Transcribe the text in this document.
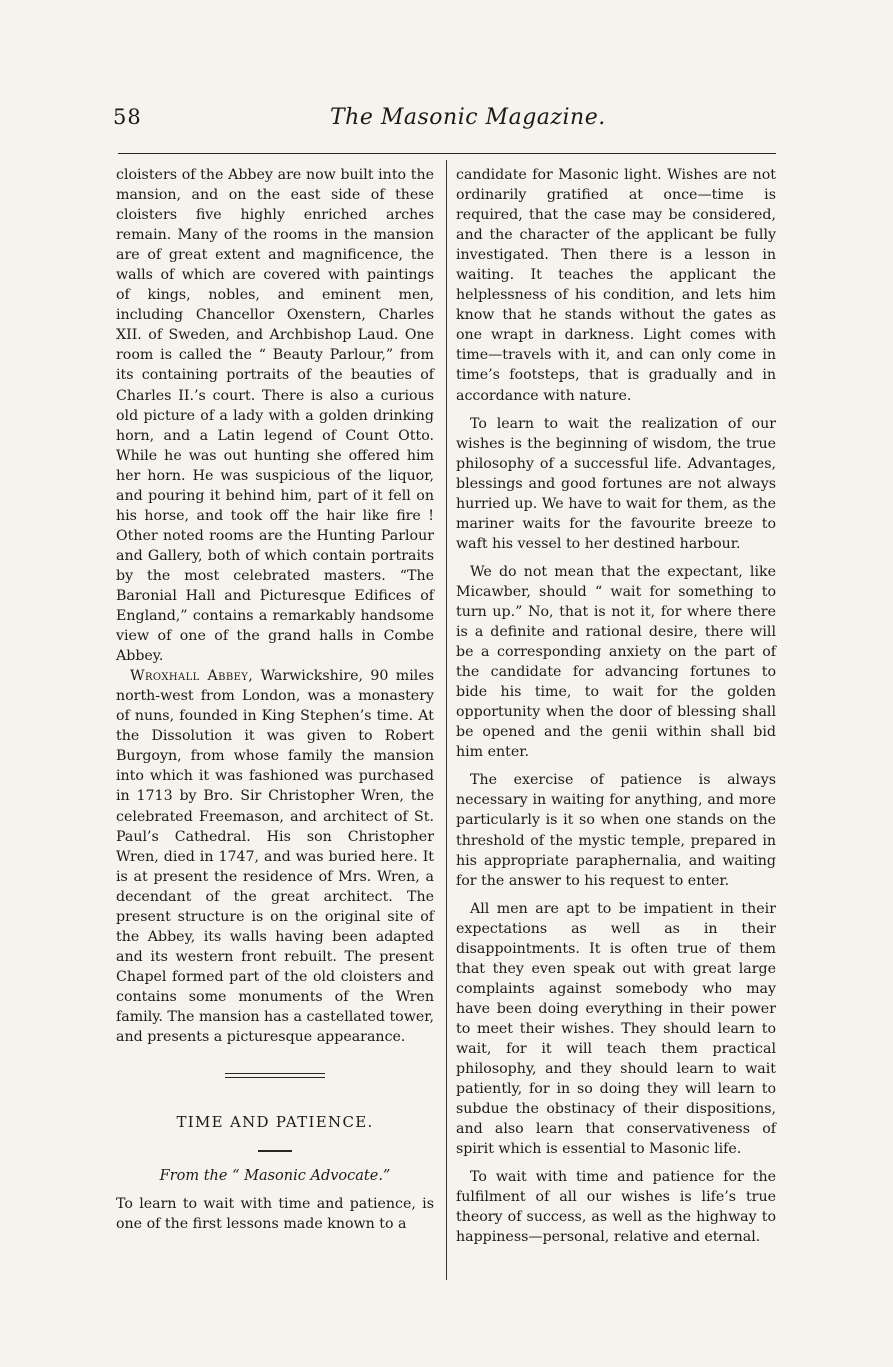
58	The Masonic Magazine.

cloisters of the Abbey are now built into the mansion, and on the east side of these cloisters five highly enriched arches remain. Many of the rooms in the mansion are of great extent and magnificence, the walls of which are covered with paintings of kings, nobles, and eminent men, including Chancellor Oxenstern, Charles XII. of Sweden, and Archbishop Laud. One room is called the “ Beauty Parlour,” from its containing portraits of the beauties of Charles II.’s court. There is also a curious old picture of a lady with a golden drinking horn, and a Latin legend of Count Otto. While he was out hunting she offered him her horn. He was suspicious of the liquor, and pouring it behind him, part of it fell on his horse, and took off the hair like fire ! Other noted rooms are the Hunting Parlour and Gallery, both of which contain portraits by the most celebrated masters. “The Baronial Hall and Picturesque Edifices of England,” contains a remarkably handsome view of one of the grand halls in Combe Abbey.

Wroxhall Abbey, Warwickshire, 90 miles north-west from London, was a monastery of nuns, founded in King Stephen’s time. At the Dissolution it was given to Robert Burgoyn, from whose family the mansion into which it was fashioned was purchased in 1713 by Bro. Sir Christopher Wren, the celebrated Freemason, and architect of St. Paul’s Cathedral. His son Christopher Wren, died in 1747, and was buried here. It is at present the residence of Mrs. Wren, a decendant of the great architect. The present structure is on the original site of the Abbey, its walls having been adapted and its western front rebuilt. The present Chapel formed part of the old cloisters and contains some monuments of the Wren family. The mansion has a castellated tower, and presents a picturesque appearance.

TIME AND PATIENCE.
From the “ Masonic Advocate.”

To learn to wait with time and patience, is one of the first lessons made known to a

candidate for Masonic light. Wishes are not ordinarily gratified at once—time is required, that the case may be considered, and the character of the applicant be fully investigated. Then there is a lesson in waiting. It teaches the applicant the helplessness of his condition, and lets him know that he stands without the gates as one wrapt in darkness. Light comes with time—travels with it, and can only come in time’s footsteps, that is gradually and in accordance with nature.

To learn to wait the realization of our wishes is the beginning of wisdom, the true philosophy of a successful life. Advantages, blessings and good fortunes are not always hurried up. We have to wait for them, as the mariner waits for the favourite breeze to waft his vessel to her destined harbour.

We do not mean that the expectant, like Micawber, should “ wait for something to turn up.” No, that is not it, for where there is a definite and rational desire, there will be a corresponding anxiety on the part of the candidate for advancing fortunes to bide his time, to wait for the golden opportunity when the door of blessing shall be opened and the genii within shall bid him enter.

The exercise of patience is always necessary in waiting for anything, and more particularly is it so when one stands on the threshold of the mystic temple, prepared in his appropriate paraphernalia, and waiting for the answer to his request to enter.

All men are apt to be impatient in their expectations as well as in their disappointments. It is often true of them that they even speak out with great large complaints against somebody who may have been doing everything in their power to meet their wishes. They should learn to wait, for it will teach them practical philosophy, and they should learn to wait patiently, for in so doing they will learn to subdue the obstinacy of their dispositions, and also learn that conservativeness of spirit which is essential to Masonic life.

To wait with time and patience for the fulfilment of all our wishes is life’s true theory of success, as well as the highway to happiness—personal, relative and eternal.
